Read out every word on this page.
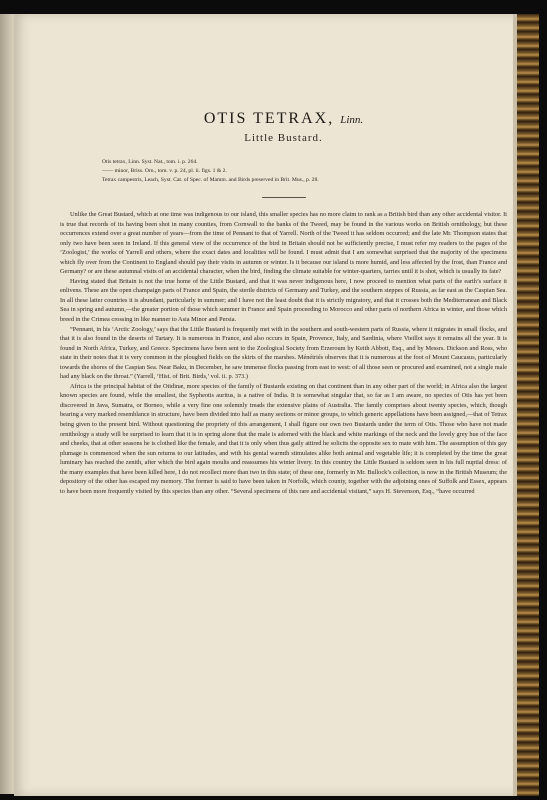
OTIS TETRAX, Linn.
Little Bustard.
Otis tetrax, Linn. Syst. Nat., tom. i. p. 264.
—— minor, Briss. Orn., tom. v. p. 24, pl. ii. figs. 1 & 2.
Tetrax campestris, Leach, Syst. Cat. of Spec. of Mamm. and Birds preserved in Brit. Mus., p. 28.

Unlike the Great Bustard, which at one time was indigenous to our island, this smaller species has no more claim to rank as a British bird than any other accidental visitor. It is true that records of its having been shot in many counties, from Cornwall to the banks of the Tweed, may be found in the various works on British ornithology, but these occurrences extend over a great number of years—from the time of Pennant to that of Yarrell. North of the Tweed it has seldom occurred; and the late Mr. Thompson states that only two have been seen in Ireland. If this general view of the occurrence of the bird in Britain should not be sufficiently precise, I must refer my readers to the pages of the ‘Zoologist,’ the works of Yarrell and others, where the exact dates and localities will be found. I must admit that I am somewhat surprised that the majority of the specimens which fly over from the Continent to England should pay their visits in autumn or winter. Is it because our island is more humid, and less affected by the frost, than France and Germany? or are these autumnal visits of an accidental character, when the bird, finding the climate suitable for winter-quarters, tarries until it is shot, which is usually its fate?

Having stated that Britain is not the true home of the Little Bustard, and that it was never indigenous here, I now proceed to mention what parts of the earth’s surface it enlivens. These are the open champaign parts of France and Spain, the sterile districts of Germany and Turkey, and the southern steppes of Russia, as far east as the Caspian Sea. In all these latter countries it is abundant, particularly in summer; and I have not the least doubt that it is strictly migratory, and that it crosses both the Mediterranean and Black Sea in spring and autumn,—the greater portion of those which summer in France and Spain proceeding to Morocco and other parts of northern Africa in winter, and those which breed in the Crimea crossing in like manner to Asia Minor and Persia.

“Pennant, in his ‘Arctic Zoology,’ says that the Little Bustard is frequently met with in the southern and south-western parts of Russia, where it migrates in small flocks, and that it is also found in the deserts of Tartary. It is numerous in France, and also occurs in Spain, Provence, Italy, and Sardinia, where Vieillot says it remains all the year. It is found in North Africa, Turkey, and Greece. Specimens have been sent to the Zoological Society from Erzeroum by Keith Abbott, Esq., and by Messrs. Dickson and Ross, who state in their notes that it is very common in the ploughed fields on the skirts of the marshes. Ménétriés observes that it is numerous at the foot of Mount Caucasus, particularly towards the shores of the Caspian Sea. Near Baku, in December, he saw immense flocks passing from east to west: of all those seen or procured and examined, not a single male had any black on the throat.” (Yarrell, ‘Hist. of Brit. Birds,’ vol. ii. p. 373.)

Africa is the principal habitat of the Otidinæ, more species of the family of Bustards existing on that continent than in any other part of the world; in Africa also the largest known species are found, while the smallest, the Sypheotis auritus, is a native of India. It is somewhat singular that, so far as I am aware, no species of Otis has yet been discovered in Java, Sumatra, or Borneo, while a very fine one solemnly treads the extensive plains of Australia. The family comprises about twenty species, which, though bearing a very marked resemblance in structure, have been divided into half as many sections or minor groups, to which generic appellations have been assigned,—that of Tetrax being given to the present bird. Without questioning the propriety of this arrangement, I shall figure our own two Bustards under the term of Otis. Those who have not made ornithology a study will be surprised to learn that it is in spring alone that the male is adorned with the black and white markings of the neck and the lovely grey hue of the face and cheeks, that at other seasons he is clothed like the female, and that it is only when thus gaily attired he solicits the opposite sex to mate with him. The assumption of this gay plumage is commenced when the sun returns to our latitudes, and with his genial warmth stimulates alike both animal and vegetable life; it is completed by the time the great luminary has reached the zenith, after which the bird again moults and reassumes his winter livery. In this country the Little Bustard is seldom seen in his full nuptial dress: of the many examples that have been killed here, I do not recollect more than two in this state; of these one, formerly in Mr. Bullock’s collection, is now in the British Museum; the depository of the other has escaped my memory. The former is said to have been taken in Norfolk, which county, together with the adjoining ones of Suffolk and Essex, appears to have been more frequently visited by this species than any other. “Several specimens of this rare and accidental visitant,” says H. Stevenson, Esq., “have occurred
